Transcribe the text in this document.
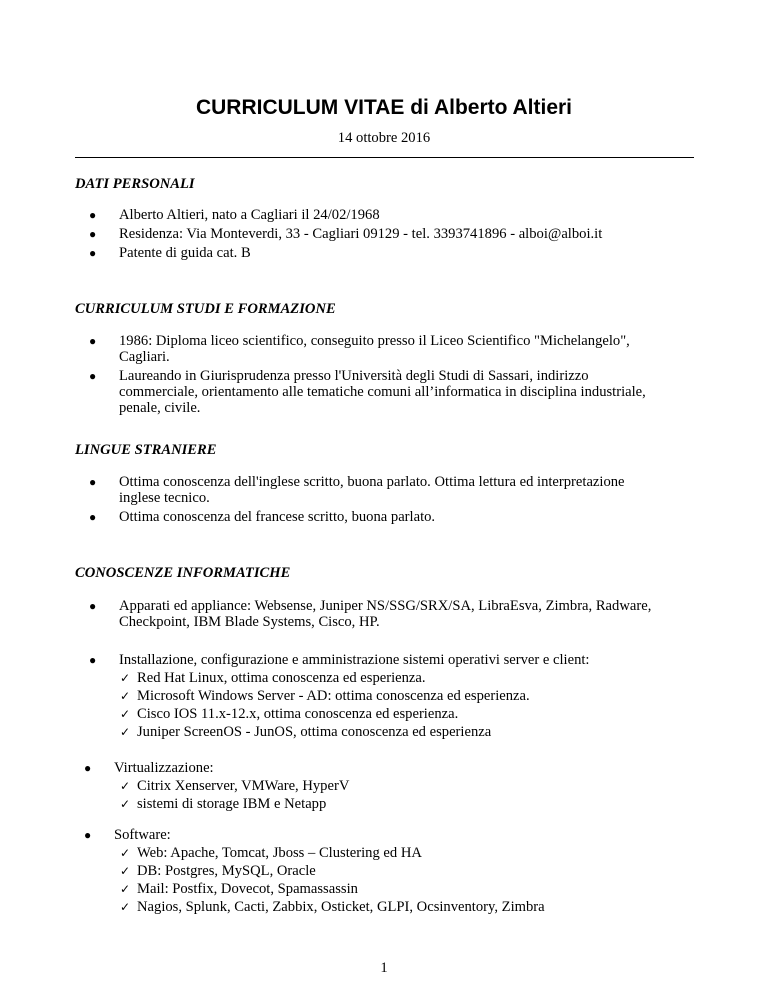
CURRICULUM VITAE di Alberto Altieri
14 ottobre 2016

DATI PERSONALI

● Alberto Altieri, nato a Cagliari il 24/02/1968
● Residenza: Via Monteverdi, 33 - Cagliari 09129 - tel. 3393741896 - alboi@alboi.it
● Patente di guida cat. B

CURRICULUM STUDI E FORMAZIONE

● 1986: Diploma liceo scientifico, conseguito presso il Liceo Scientifico "Michelangelo",
Cagliari.
● Laureando in Giurisprudenza presso l'Università degli Studi di Sassari, indirizzo
commerciale, orientamento alle tematiche comuni all’informatica in disciplina industriale,
penale, civile.

LINGUE STRANIERE

● Ottima conoscenza dell'inglese scritto, buona parlato. Ottima lettura ed interpretazione
inglese tecnico.
● Ottima conoscenza del francese scritto, buona parlato.

CONOSCENZE INFORMATICHE

● Apparati ed appliance: Websense, Juniper NS/SSG/SRX/SA, LibraEsva, Zimbra, Radware,
Checkpoint, IBM Blade Systems, Cisco, HP.
● Installazione, configurazione e amministrazione sistemi operativi server e client:
✓ Red Hat Linux, ottima conoscenza ed esperienza.
✓ Microsoft Windows Server - AD: ottima conoscenza ed esperienza.
✓ Cisco IOS 11.x-12.x, ottima conoscenza ed esperienza.
✓ Juniper ScreenOS - JunOS, ottima conoscenza ed esperienza
● Virtualizzazione:
✓ Citrix Xenserver, VMWare, HyperV
✓ sistemi di storage IBM e Netapp
● Software:
✓ Web: Apache, Tomcat, Jboss – Clustering ed HA
✓ DB: Postgres, MySQL, Oracle
✓ Mail: Postfix, Dovecot, Spamassassin
✓ Nagios, Splunk, Cacti, Zabbix, Osticket, GLPI, Ocsinventory, Zimbra
1
